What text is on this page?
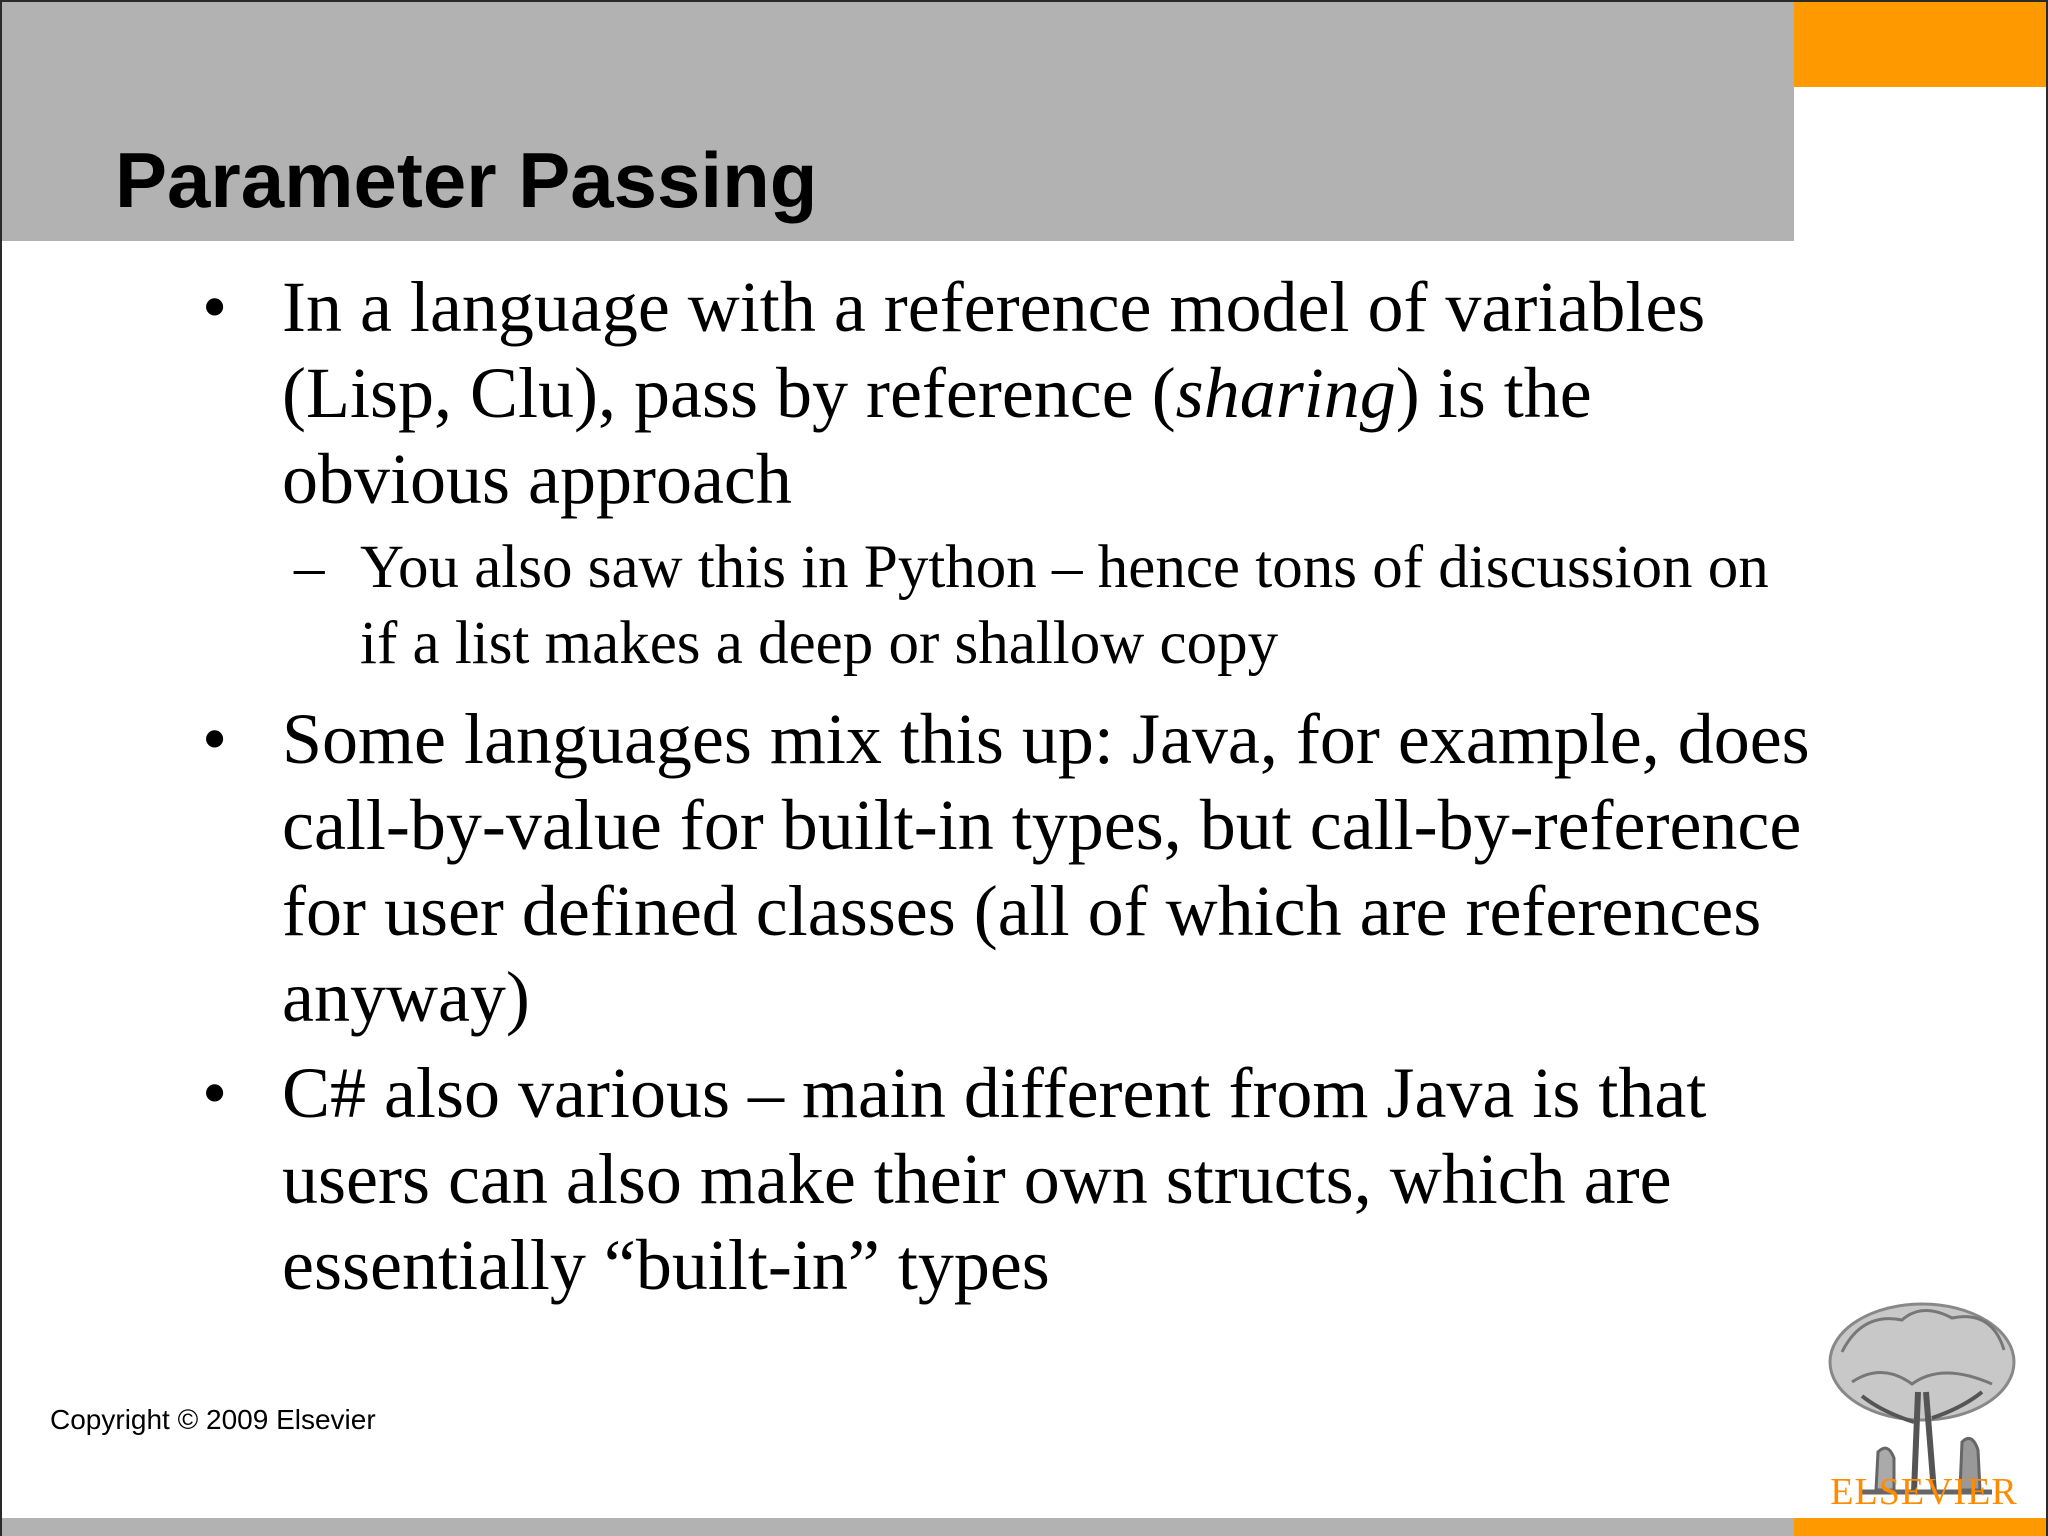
Parameter Passing
• In a language with a reference model of variables
(Lisp, Clu), pass by reference (sharing) is the
obvious approach
– You also saw this in Python – hence tons of discussion on
if a list makes a deep or shallow copy
• Some languages mix this up: Java, for example, does
call-by-value for built-in types, but call-by-reference
for user defined classes (all of which are references
anyway)
• C# also various – main different from Java is that
users can also make their own structs, which are
essentially “built-in” types
Copyright © 2009 Elsevier
ELSEVIER
